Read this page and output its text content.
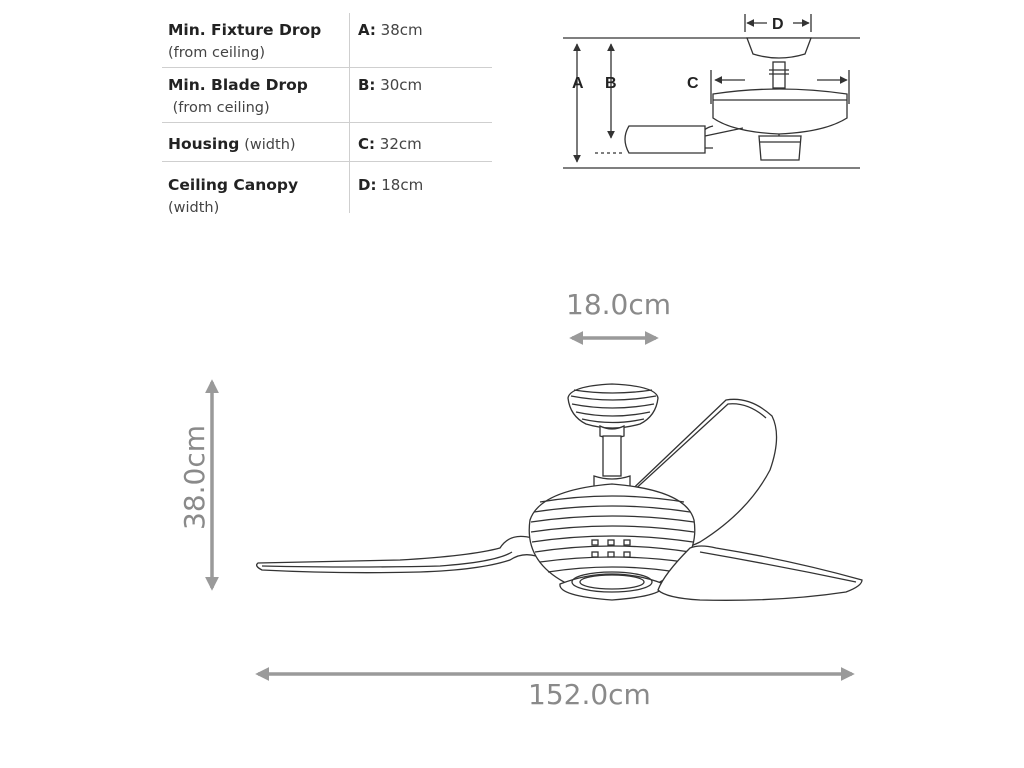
Min. Fixture Drop
(from ceiling)
A: 38cm
Min. Blade Drop
(from ceiling)
B: 30cm
Housing (width)	C: 32cm
Ceiling Canopy
(width)
D: 18cm
A B	C
D
18.0cm
38.0cm
152.0cm
